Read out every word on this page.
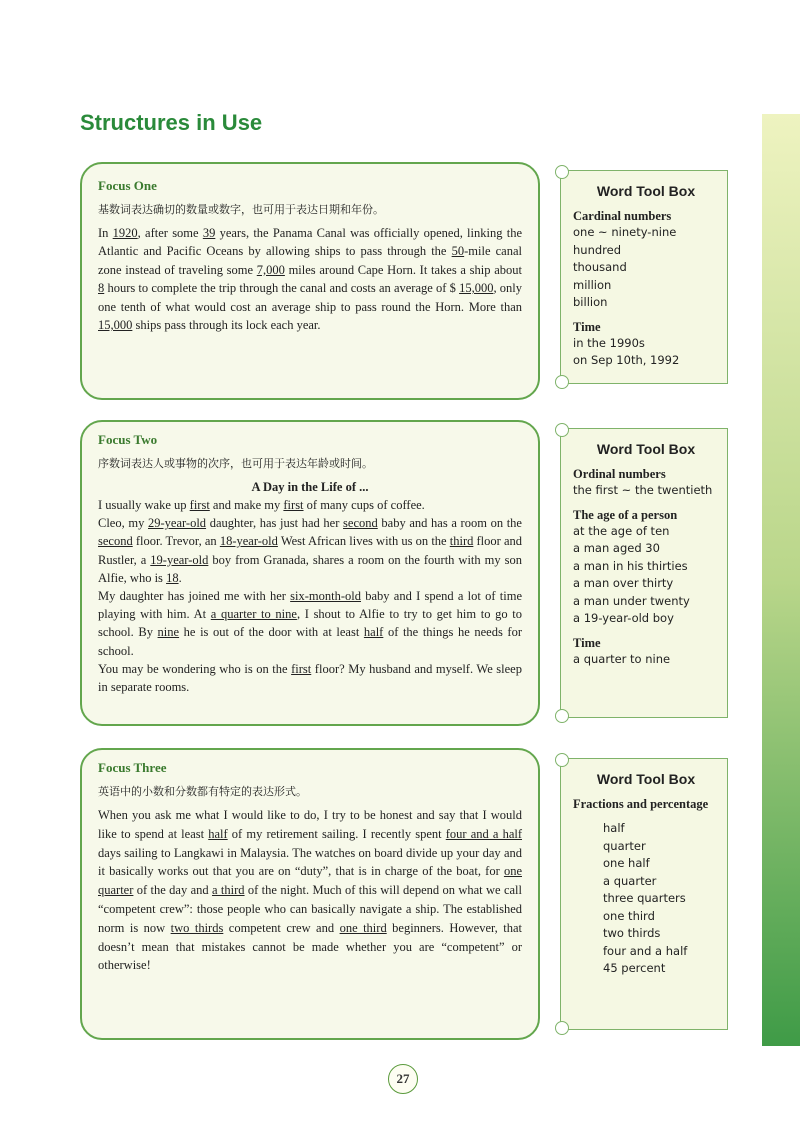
Structures in Use
Focus One
基数词表达确切的数量或数字，也可用于表达日期和年份。
In 1920, after some 39 years, the Panama Canal was officially opened, linking the Atlantic and Pacific Oceans by allowing ships to pass through the 50-mile canal zone instead of traveling some 7,000 miles around Cape Horn. It takes a ship about 8 hours to complete the trip through the canal and costs an average of $ 15,000, only one tenth of what would cost an average ship to pass round the Horn. More than 15,000 ships pass through its lock each year.
Focus Two
序数词表达人或事物的次序，也可用于表达年龄或时间。
A Day in the Life of ...

I usually wake up first and make my first of many cups of coffee.

Cleo, my 29-year-old daughter, has just had her second baby and has a room on the second floor. Trevor, an 18-year-old West African lives with us on the third floor and Rustler, a 19-year-old boy from Granada, shares a room on the fourth with my son Alfie, who is 18.

My daughter has joined me with her six-month-old baby and I spend a lot of time playing with him. At a quarter to nine, I shout to Alfie to try to get him to go to school. By nine he is out of the door with at least half of the things he needs for school.

You may be wondering who is on the first floor? My husband and myself. We sleep in separate rooms.

Focus Three
英语中的小数和分数都有特定的表达形式。
When you ask me what I would like to do, I try to be honest and say that I would like to spend at least half of my retirement sailing. I recently spent four and a half days sailing to Langkawi in Malaysia. The watches on board divide up your day and it basically works out that you are on “duty”, that is in charge of the boat, for one quarter of the day and a third of the night. Much of this will depend on what we call “competent crew”: those people who can basically navigate a ship. The established norm is now two thirds competent crew and one third beginners. However, that doesn’t mean that mistakes cannot be made whether you are “competent” or otherwise!
Word Tool Box
Cardinal numbers
one ~ ninety-nine
hundred
thousand
million
billion
Time
in the 1990s
on Sep 10th, 1992
Word Tool Box
Ordinal numbers
the first ~ the twentieth
The age of a person
at the age of ten
a man aged 30
a man in his thirties
a man over thirty
a man under twenty
a 19-year-old boy
Time
a quarter to nine
Word Tool Box
Fractions and percentage
half
quarter
one half
a quarter
three quarters
one third
two thirds
four and a half
45 percent
27
